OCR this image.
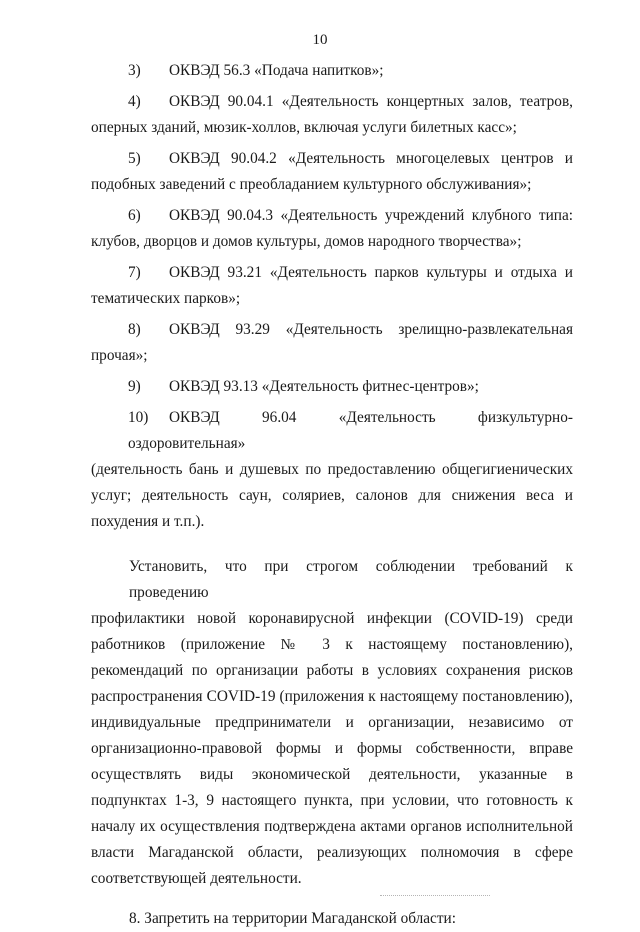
10
3) ОКВЭД 56.3 «Подача напитков»;
4) ОКВЭД 90.04.1 «Деятельность концертных залов, театров,
оперных зданий, мюзик-холлов, включая услуги билетных касс»;
5) ОКВЭД 90.04.2 «Деятельность многоцелевых центров и
подобных заведений с преобладанием культурного обслуживания»;
6) ОКВЭД 90.04.3 «Деятельность учреждений клубного типа:
клубов, дворцов и домов культуры, домов народного творчества»;
7) ОКВЭД 93.21 «Деятельность парков культуры и отдыха и
тематических парков»;
8) ОКВЭД 93.29 «Деятельность зрелищно-развлекательная
прочая»;
9) ОКВЭД 93.13 «Деятельность фитнес-центров»;
10) ОКВЭД 96.04 «Деятельность физкультурно-оздоровительная»
(деятельность бань и душевых по предоставлению общегигиенических
услуг; деятельность саун, соляриев, салонов для снижения веса и
похудения и т.п.).
Установить, что при строгом соблюдении требований к проведению
профилактики новой коронавирусной инфекции (COVID-19) среди
работников (приложение № 3 к настоящему постановлению),
рекомендаций по организации работы в условиях сохранения рисков
распространения COVID-19 (приложения к настоящему постановлению),
индивидуальные предприниматели и организации, независимо от
организационно-правовой формы и формы собственности, вправе
осуществлять виды экономической деятельности, указанные в
подпунктах 1-3, 9 настоящего пункта, при условии, что готовность к
началу их осуществления подтверждена актами органов исполнительной
власти Магаданской области, реализующих полномочия в сфере
соответствующей деятельности.
8. Запретить на территории Магаданской области:
